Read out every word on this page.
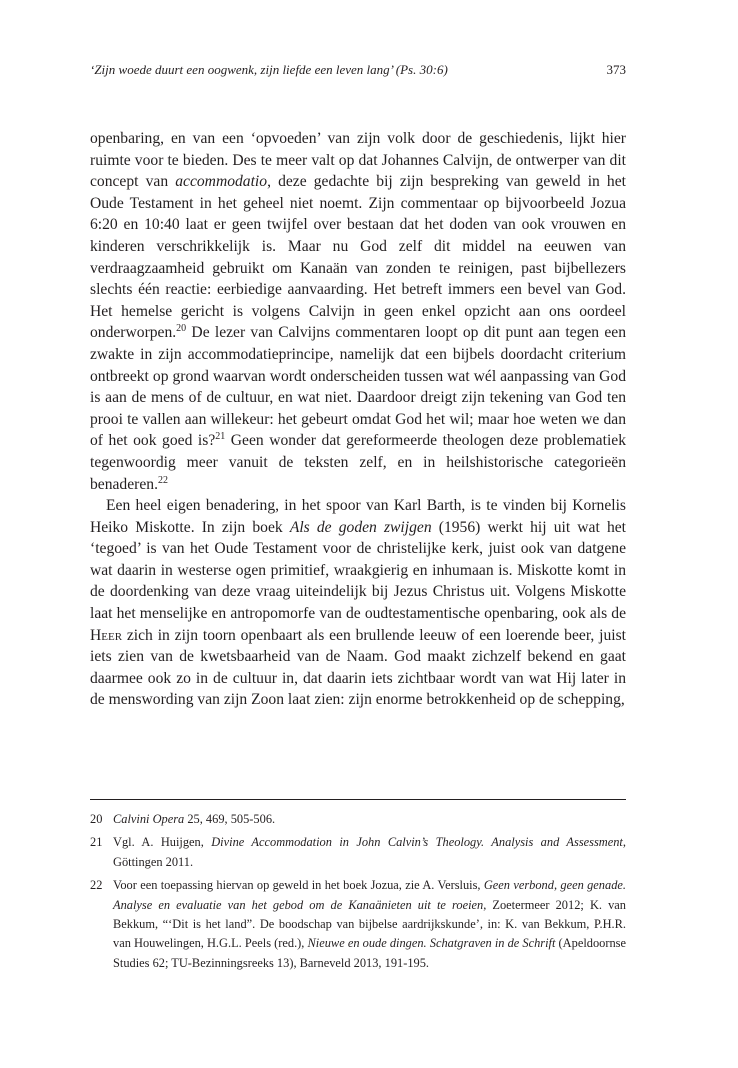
‘Zijn woede duurt een oogwenk, zijn liefde een leven lang’ (Ps. 30:6)	373

openbaring, en van een ‘opvoeden’ van zijn volk door de geschiedenis, lijkt hier ruimte voor te bieden. Des te meer valt op dat Johannes Calvijn, de ontwerper van dit concept van accommodatio, deze gedachte bij zijn bespreking van geweld in het Oude Testament in het geheel niet noemt. Zijn commentaar op bijvoorbeeld Jozua 6:20 en 10:40 laat er geen twijfel over bestaan dat het doden van ook vrouwen en kinderen verschrikkelijk is. Maar nu God zelf dit middel na eeuwen van verdraagzaamheid gebruikt om Kanaän van zonden te reinigen, past bijbellezers slechts één reactie: eerbiedige aanvaarding. Het betreft immers een bevel van God. Het hemelse gericht is volgens Calvijn in geen enkel opzicht aan ons oordeel onderworpen.$^{20}$ De lezer van Calvijns commentaren loopt op dit punt aan tegen een zwakte in zijn accommodatieprincipe, namelijk dat een bijbels doordacht criterium ontbreekt op grond waarvan wordt onderscheiden tussen wat wél aanpassing van God is aan de mens of de cultuur, en wat niet. Daardoor dreigt zijn tekening van God ten prooi te vallen aan willekeur: het gebeurt omdat God het wil; maar hoe weten we dan of het ook goed is?$^{21}$ Geen wonder dat gereformeerde theologen deze problematiek tegenwoordig meer vanuit de teksten zelf, en in heilshistorische categorieën benaderen.$^{22}$

Een heel eigen benadering, in het spoor van Karl Barth, is te vinden bij Kornelis Heiko Miskotte. In zijn boek Als de goden zwijgen (1956) werkt hij uit wat het ‘tegoed’ is van het Oude Testament voor de christelijke kerk, juist ook van datgene wat daarin in westerse ogen primitief, wraakgierig en inhumaan is. Miskotte komt in de doordenking van deze vraag uiteindelijk bij Jezus Christus uit. Volgens Miskotte laat het menselijke en antropomorfe van de oudtestamentische openbaring, ook als de Heer zich in zijn toorn openbaart als een brullende leeuw of een loerende beer, juist iets zien van de kwetsbaarheid van de Naam. God maakt zichzelf bekend en gaat daarmee ook zo in de cultuur in, dat daarin iets zichtbaar wordt van wat Hij later in de menswording van zijn Zoon laat zien: zijn enorme betrokkenheid op de schepping,

20 Calvini Opera 25, 469, 505-506.
21 Vgl. A. Huijgen, Divine Accommodation in John Calvin’s Theology. Analysis and Assessment, Göttingen 2011.
22 Voor een toepassing hiervan op geweld in het boek Jozua, zie A. Versluis, Geen verbond, geen genade. Analyse en evaluatie van het gebod om de Kanaänieten uit te roeien, Zoetermeer 2012; K. van Bekkum, “‘Dit is het land”. De boodschap van bijbelse aardrijkskunde’, in: K. van Bekkum, P.H.R. van Houwelingen, H.G.L. Peels (red.), Nieuwe en oude dingen. Schatgraven in de Schrift (Apeldoornse Studies 62; TU-Bezinningsreeks 13), Barneveld 2013, 191-195.
